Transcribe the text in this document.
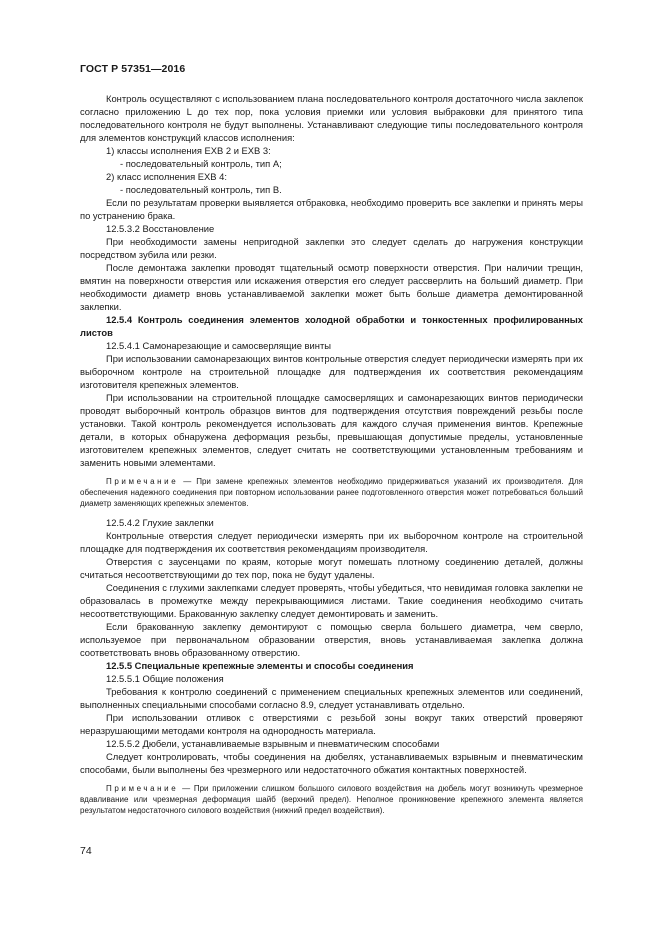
ГОСТ Р 57351—2016

Контроль осуществляют с использованием плана последовательного контроля достаточного числа заклепок согласно приложению L до тех пор, пока условия приемки или условия выбраковки для принятого типа последовательного контроля не будут выполнены. Устанавливают следующие типы последовательного контроля для элементов конструкций классов исполнения:

1) классы исполнения ЕХВ 2 и ЕХВ 3:

- последовательный контроль, тип А;

2) класс исполнения ЕХВ 4:

- последовательный контроль, тип В.

Если по результатам проверки выявляется отбраковка, необходимо проверить все заклепки и принять меры по устранению брака.

12.5.3.2 Восстановление

При необходимости замены непригодной заклепки это следует сделать до нагружения конструкции посредством зубила или резки.

После демонтажа заклепки проводят тщательный осмотр поверхности отверстия. При наличии трещин, вмятин на поверхности отверстия или искажения отверстия его следует рассверлить на больший диаметр. При необходимости диаметр вновь устанавливаемой заклепки может быть больше диаметра демонтированной заклепки.

12.5.4 Контроль соединения элементов холодной обработки и тонкостенных профилированных листов

12.5.4.1 Самонарезающие и самосверлящие винты

При использовании самонарезающих винтов контрольные отверстия следует периодически измерять при их выборочном контроле на строительной площадке для подтверждения их соответствия рекомендациям изготовителя крепежных элементов.

При использовании на строительной площадке самосверлящих и самонарезающих винтов периодически проводят выборочный контроль образцов винтов для подтверждения отсутствия повреждений резьбы после установки. Такой контроль рекомендуется использовать для каждого случая применения винтов. Крепежные детали, в которых обнаружена деформация резьбы, превышающая допустимые пределы, установленные изготовителем крепежных элементов, следует считать не соответствующими установленным требованиям и заменить новыми элементами.

Примечание — При замене крепежных элементов необходимо придерживаться указаний их производителя. Для обеспечения надежного соединения при повторном использовании ранее подготовленного отверстия может потребоваться больший диаметр заменяющих крепежных элементов.

12.5.4.2 Глухие заклепки

Контрольные отверстия следует периодически измерять при их выборочном контроле на строительной площадке для подтверждения их соответствия рекомендациям производителя.

Отверстия с заусенцами по краям, которые могут помешать плотному соединению деталей, должны считаться несоответствующими до тех пор, пока не будут удалены.

Соединения с глухими заклепками следует проверять, чтобы убедиться, что невидимая головка заклепки не образовалась в промежутке между перекрывающимися листами. Такие соединения необходимо считать несоответствующими. Бракованную заклепку следует демонтировать и заменить.

Если бракованную заклепку демонтируют с помощью сверла большего диаметра, чем сверло, используемое при первоначальном образовании отверстия, вновь устанавливаемая заклепка должна соответствовать вновь образованному отверстию.

12.5.5 Специальные крепежные элементы и способы соединения

12.5.5.1 Общие положения

Требования к контролю соединений с применением специальных крепежных элементов или соединений, выполненных специальными способами согласно 8.9, следует устанавливать отдельно.

При использовании отливок с отверстиями с резьбой зоны вокруг таких отверстий проверяют неразрушающими методами контроля на однородность материала.

12.5.5.2 Дюбели, устанавливаемые взрывным и пневматическим способами

Следует контролировать, чтобы соединения на дюбелях, устанавливаемых взрывным и пневматическим способами, были выполнены без чрезмерного или недостаточного обжатия контактных поверхностей.

Примечание — При приложении слишком большого силового воздействия на дюбель могут возникнуть чрезмерное вдавливание или чрезмерная деформация шайб (верхний предел). Неполное проникновение крепежного элемента является результатом недостаточного силового воздействия (нижний предел воздействия).

74
